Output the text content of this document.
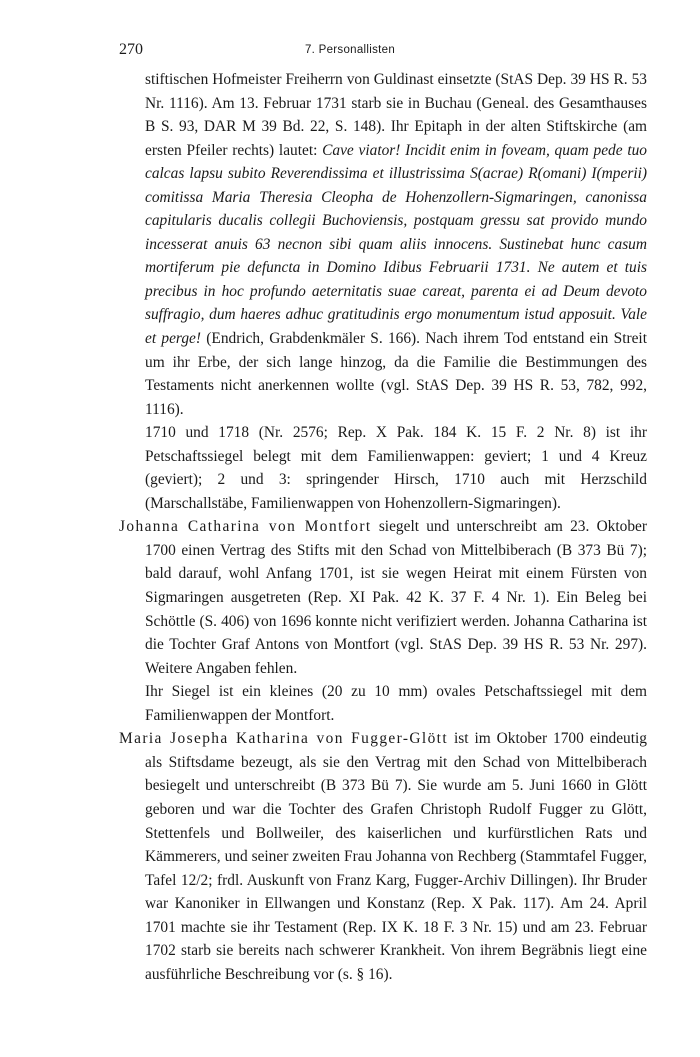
270	7. Personallisten

stiftischen Hofmeister Freiherrn von Guldinast einsetzte (StAS Dep. 39 HS R. 53 Nr. 1116). Am 13. Februar 1731 starb sie in Buchau (Geneal. des Gesamthauses B S. 93, DAR M 39 Bd. 22, S. 148). Ihr Epitaph in der alten Stiftskirche (am ersten Pfeiler rechts) lautet: Cave viator! Incidit enim in foveam, quam pede tuo calcas lapsu subito Reverendissima et illustrissima S(acrae) R(omani) I(mperii) comitissa Maria Theresia Cleopha de Hohenzollern-Sigmaringen, canonissa capitularis ducalis collegii Buchoviensis, postquam gressu sat provido mundo incesserat anuis 63 necnon sibi quam aliis innocens. Sustinebat hunc casum mortiferum pie defuncta in Domino Idibus Februarii 1731. Ne autem et tuis precibus in hoc profundo aeternitatis suae careat, parenta ei ad Deum devoto suffragio, dum haeres adhuc gratitudinis ergo monumentum istud apposuit. Vale et perge! (Endrich, Grabdenkmäler S. 166). Nach ihrem Tod entstand ein Streit um ihr Erbe, der sich lange hinzog, da die Familie die Bestimmungen des Testaments nicht anerkennen wollte (vgl. StAS Dep. 39 HS R. 53, 782, 992, 1116).

1710 und 1718 (Nr. 2576; Rep. X Pak. 184 K. 15 F. 2 Nr. 8) ist ihr Petschaftssiegel belegt mit dem Familienwappen: geviert; 1 und 4 Kreuz (geviert); 2 und 3: springender Hirsch, 1710 auch mit Herzschild (Marschallstäbe, Familienwappen von Hohenzollern-Sigmaringen).

Johanna Catharina von Montfort siegelt und unterschreibt am 23. Oktober 1700 einen Vertrag des Stifts mit den Schad von Mittelbiberach (B 373 Bü 7); bald darauf, wohl Anfang 1701, ist sie wegen Heirat mit einem Fürsten von Sigmaringen ausgetreten (Rep. XI Pak. 42 K. 37 F. 4 Nr. 1). Ein Beleg bei Schöttle (S. 406) von 1696 konnte nicht verifiziert werden. Johanna Catharina ist die Tochter Graf Antons von Montfort (vgl. StAS Dep. 39 HS R. 53 Nr. 297). Weitere Angaben fehlen.

Ihr Siegel ist ein kleines (20 zu 10 mm) ovales Petschaftssiegel mit dem Familienwappen der Montfort.

Maria Josepha Katharina von Fugger-Glött ist im Oktober 1700 eindeutig als Stiftsdame bezeugt, als sie den Vertrag mit den Schad von Mittelbiberach besiegelt und unterschreibt (B 373 Bü 7). Sie wurde am 5. Juni 1660 in Glött geboren und war die Tochter des Grafen Christoph Rudolf Fugger zu Glött, Stettenfels und Bollweiler, des kaiserlichen und kurfürstlichen Rats und Kämmerers, und seiner zweiten Frau Johanna von Rechberg (Stammtafel Fugger, Tafel 12/2; frdl. Auskunft von Franz Karg, Fugger-Archiv Dillingen). Ihr Bruder war Kanoniker in Ellwangen und Konstanz (Rep. X Pak. 117). Am 24. April 1701 machte sie ihr Testament (Rep. IX K. 18 F. 3 Nr. 15) und am 23. Februar 1702 starb sie bereits nach schwerer Krankheit. Von ihrem Begräbnis liegt eine ausführliche Beschreibung vor (s. § 16).
